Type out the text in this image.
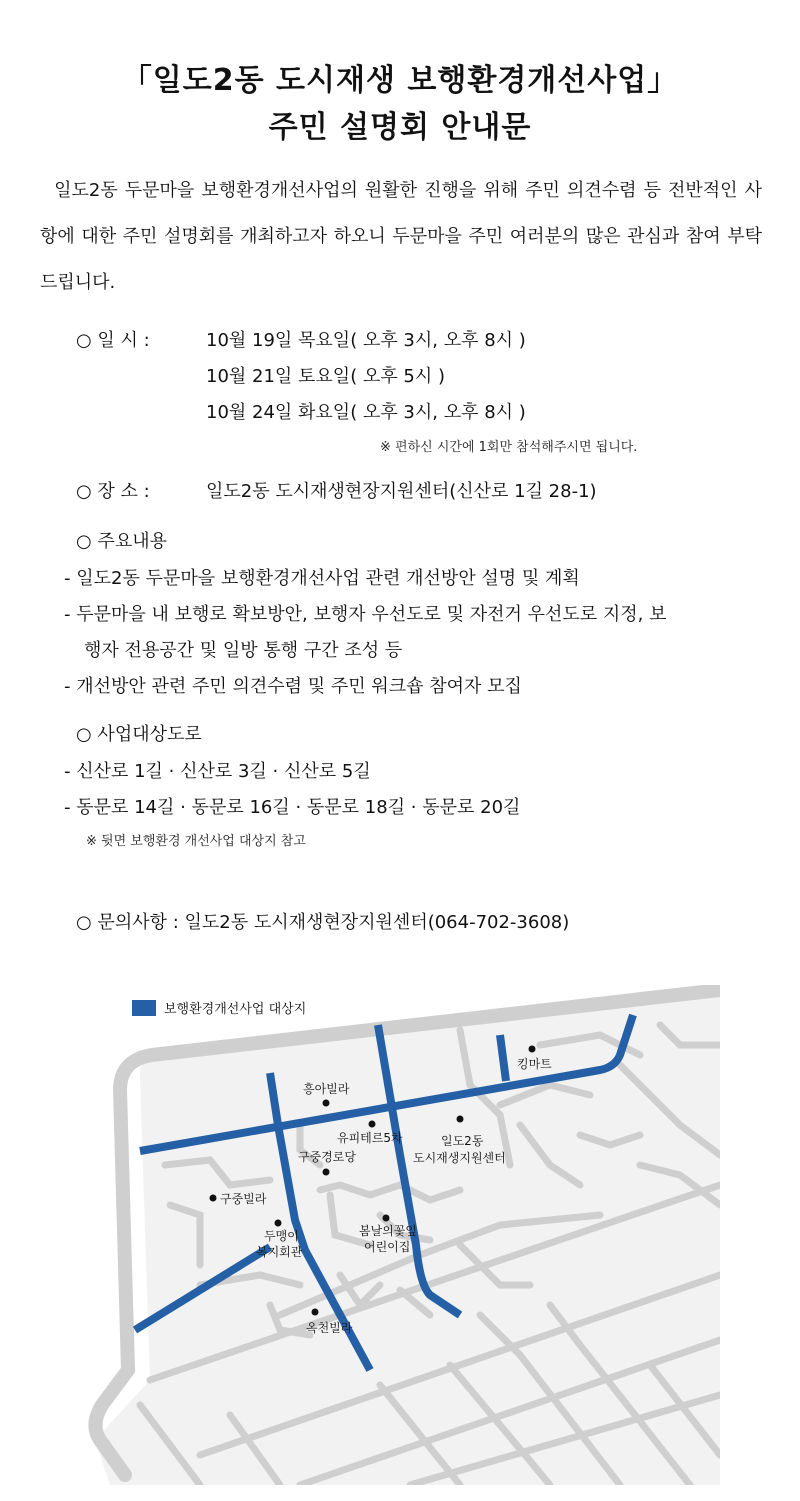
「일도2동 도시재생 보행환경개선사업」
주민 설명회 안내문
일도2동 두문마을 보행환경개선사업의 원활한 진행을 위해 주민 의견수렴 등 전반적인 사항에 대한 주민 설명회를 개최하고자 하오니 두문마을 주민 여러분의 많은 관심과 참여 부탁드립니다.
○ 일 시 :	10월 19일 목요일( 오후 3시, 오후 8시 )
10월 21일 토요일( 오후 5시 )
10월 24일 화요일( 오후 3시, 오후 8시 )
※ 편하신 시간에 1회만 참석해주시면 됩니다.
○ 장 소 :	일도2동 도시재생현장지원센터(신산로 1길 28-1)
○ 주요내용
- 일도2동 두문마을 보행환경개선사업 관련 개선방안 설명 및 계획
- 두문마을 내 보행로 확보방안, 보행자 우선도로 및 자전거 우선도로 지정, 보
행자 전용공간 및 일방 통행 구간 조성 등
- 개선방안 관련 주민 의견수렴 및 주민 워크숍 참여자 모집
○ 사업대상도로
- 신산로 1길 · 신산로 3길 · 신산로 5길
- 동문로 14길 · 동문로 16길 · 동문로 18길 · 동문로 20길
※ 뒷면 보행환경 개선사업 대상지 참고
○ 문의사항 : 일도2동 도시재생현장지원센터(064-702-3608)
보행환경개선사업 대상지
킹마트
흥아빌라
유피테르5차
구중경로당
일도2동
도시재생지원센터
구중빌라
두맹이
복지회관
봄날의꽃잎
어린이집
옥천빌라
